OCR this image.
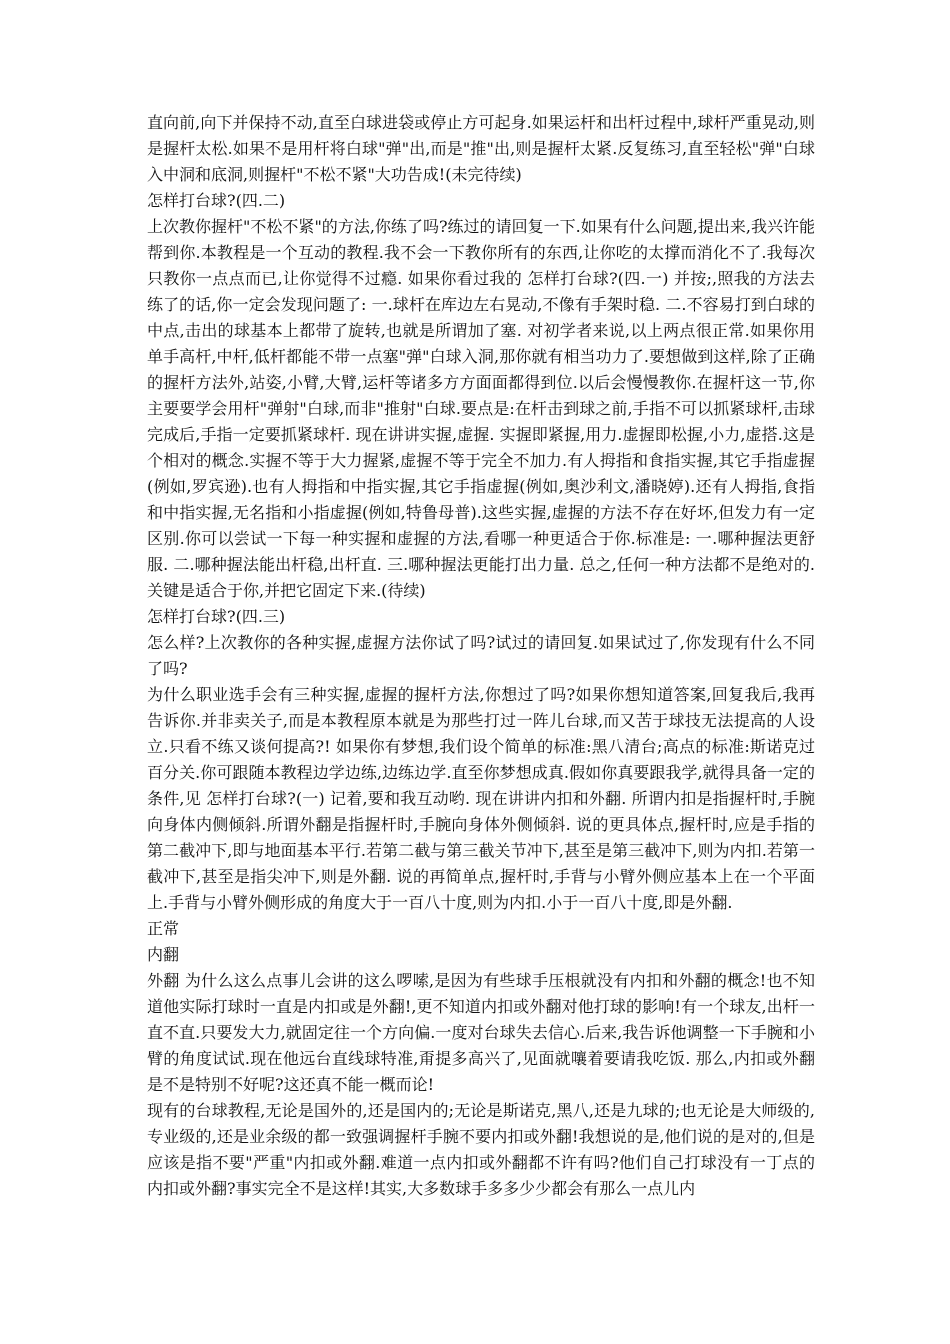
直向前,向下并保持不动,直至白球进袋或停止方可起身.如果运杆和出杆过程中,球杆严重晃动,则是握杆太松.如果不是用杆将白球"弹"出,而是"推"出,则是握杆太紧.反复练习,直至轻松"弹"白球入中洞和底洞,则握杆"不松不紧"大功告成!(未完待续)

怎样打台球?(四.二)

上次教你握杆"不松不紧"的方法,你练了吗?练过的请回复一下.如果有什么问题,提出来,我兴许能帮到你.本教程是一个互动的教程.我不会一下教你所有的东西,让你吃的太撑而消化不了.我每次只教你一点点而已,让你觉得不过瘾. 如果你看过我的 怎样打台球?(四.一) 并按;,照我的方法去练了的话,你一定会发现问题了: 一.球杆在库边左右晃动,不像有手架时稳. 二.不容易打到白球的中点,击出的球基本上都带了旋转,也就是所谓加了塞. 对初学者来说,以上两点很正常.如果你用单手高杆,中杆,低杆都能不带一点塞"弹"白球入洞,那你就有相当功力了.要想做到这样,除了正确的握杆方法外,站姿,小臂,大臂,运杆等诸多方方面面都得到位.以后会慢慢教你.在握杆这一节,你主要要学会用杆"弹射"白球,而非"推射"白球.要点是:在杆击到球之前,手指不可以抓紧球杆,击球完成后,手指一定要抓紧球杆. 现在讲讲实握,虚握. 实握即紧握,用力.虚握即松握,小力,虚搭.这是个相对的概念.实握不等于大力握紧,虚握不等于完全不加力.有人拇指和食指实握,其它手指虚握(例如,罗宾逊).也有人拇指和中指实握,其它手指虚握(例如,奥沙利文,潘晓婷).还有人拇指,食指和中指实握,无名指和小指虚握(例如,特鲁母普).这些实握,虚握的方法不存在好坏,但发力有一定区别.你可以尝试一下每一种实握和虚握的方法,看哪一种更适合于你.标准是: 一.哪种握法更舒服. 二.哪种握法能出杆稳,出杆直. 三.哪种握法更能打出力量. 总之,任何一种方法都不是绝对的.关键是适合于你,并把它固定下来.(待续)

怎样打台球?(四.三)

怎么样?上次教你的各种实握,虚握方法你试了吗?试过的请回复.如果试过了,你发现有什么不同了吗?

为什么职业选手会有三种实握,虚握的握杆方法,你想过了吗?如果你想知道答案,回复我后,我再告诉你.并非卖关子,而是本教程原本就是为那些打过一阵儿台球,而又苦于球技无法提高的人设立.只看不练又谈何提高?! 如果你有梦想,我们设个简单的标准:黑八清台;高点的标准:斯诺克过百分关.你可跟随本教程边学边练,边练边学.直至你梦想成真.假如你真要跟我学,就得具备一定的条件,见 怎样打台球?(一) 记着,要和我互动哟. 现在讲讲内扣和外翻. 所谓内扣是指握杆时,手腕向身体内侧倾斜.所谓外翻是指握杆时,手腕向身体外侧倾斜. 说的更具体点,握杆时,应是手指的第二截冲下,即与地面基本平行.若第二截与第三截关节冲下,甚至是第三截冲下,则为内扣.若第一截冲下,甚至是指尖冲下,则是外翻. 说的再简单点,握杆时,手背与小臂外侧应基本上在一个平面上.手背与小臂外侧形成的角度大于一百八十度,则为内扣.小于一百八十度,即是外翻.

正常

内翻

外翻 为什么这么点事儿会讲的这么啰嗦,是因为有些球手压根就没有内扣和外翻的概念!也不知道他实际打球时一直是内扣或是外翻!,更不知道内扣或外翻对他打球的影响!有一个球友,出杆一直不直.只要发大力,就固定往一个方向偏.一度对台球失去信心.后来,我告诉他调整一下手腕和小臂的角度试试.现在他远台直线球特准,甭提多高兴了,见面就嚷着要请我吃饭. 那么,内扣或外翻是不是特别不好呢?这还真不能一概而论!

现有的台球教程,无论是国外的,还是国内的;无论是斯诺克,黑八,还是九球的;也无论是大师级的,专业级的,还是业余级的都一致强调握杆手腕不要内扣或外翻!我想说的是,他们说的是对的,但是应该是指不要"严重"内扣或外翻.难道一点内扣或外翻都不许有吗?他们自己打球没有一丁点的内扣或外翻?事实完全不是这样!其实,大多数球手多多少少都会有那么一点儿内
